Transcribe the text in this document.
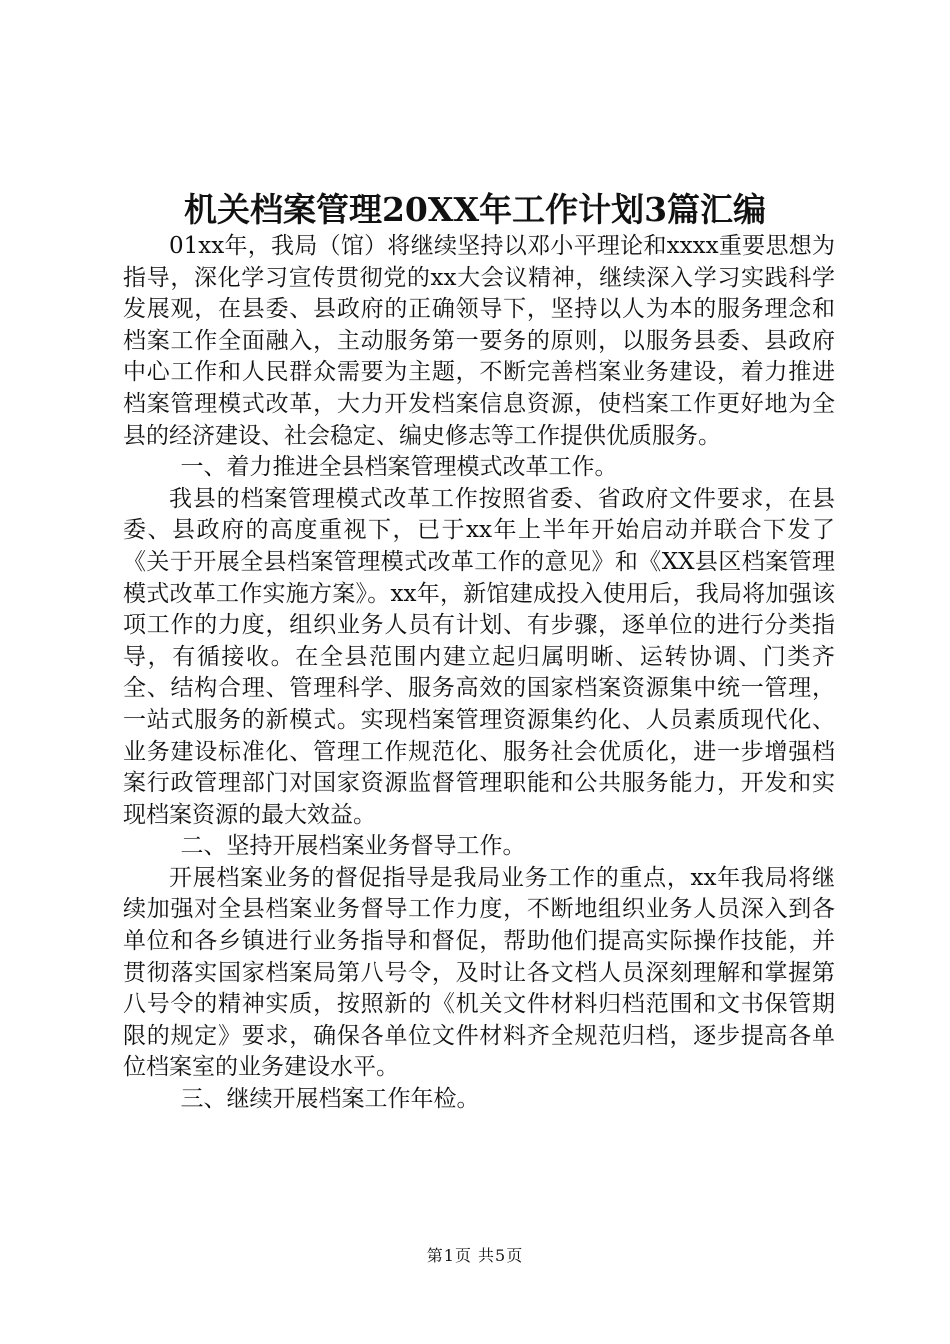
机关档案管理20XX年工作计划3篇汇编

01xx年，我局（馆）将继续坚持以邓小平理论和xxxx重要思想为指导，深化学习宣传贯彻党的xx大会议精神，继续深入学习实践科学发展观，在县委、县政府的正确领导下，坚持以人为本的服务理念和档案工作全面融入，主动服务第一要务的原则，以服务县委、县政府中心工作和人民群众需要为主题，不断完善档案业务建设，着力推进档案管理模式改革，大力开发档案信息资源，使档案工作更好地为全县的经济建设、社会稳定、编史修志等工作提供优质服务。

一、着力推进全县档案管理模式改革工作。

我县的档案管理模式改革工作按照省委、省政府文件要求，在县委、县政府的高度重视下，已于xx年上半年开始启动并联合下发了《关于开展全县档案管理模式改革工作的意见》和《XX县区档案管理模式改革工作实施方案》。xx年，新馆建成投入使用后，我局将加强该项工作的力度，组织业务人员有计划、有步骤，逐单位的进行分类指导，有循接收。在全县范围内建立起归属明晰、运转协调、门类齐全、结构合理、管理科学、服务高效的国家档案资源集中统一管理，一站式服务的新模式。实现档案管理资源集约化、人员素质现代化、业务建设标准化、管理工作规范化、服务社会优质化，进一步增强档案行政管理部门对国家资源监督管理职能和公共服务能力，开发和实现档案资源的最大效益。

二、坚持开展档案业务督导工作。

开展档案业务的督促指导是我局业务工作的重点，xx年我局将继续加强对全县档案业务督导工作力度，不断地组织业务人员深入到各单位和各乡镇进行业务指导和督促，帮助他们提高实际操作技能，并贯彻落实国家档案局第八号令，及时让各文档人员深刻理解和掌握第八号令的精神实质，按照新的《机关文件材料归档范围和文书保管期限的规定》要求，确保各单位文件材料齐全规范归档，逐步提高各单位档案室的业务建设水平。

三、继续开展档案工作年检。

第1页 共5页
